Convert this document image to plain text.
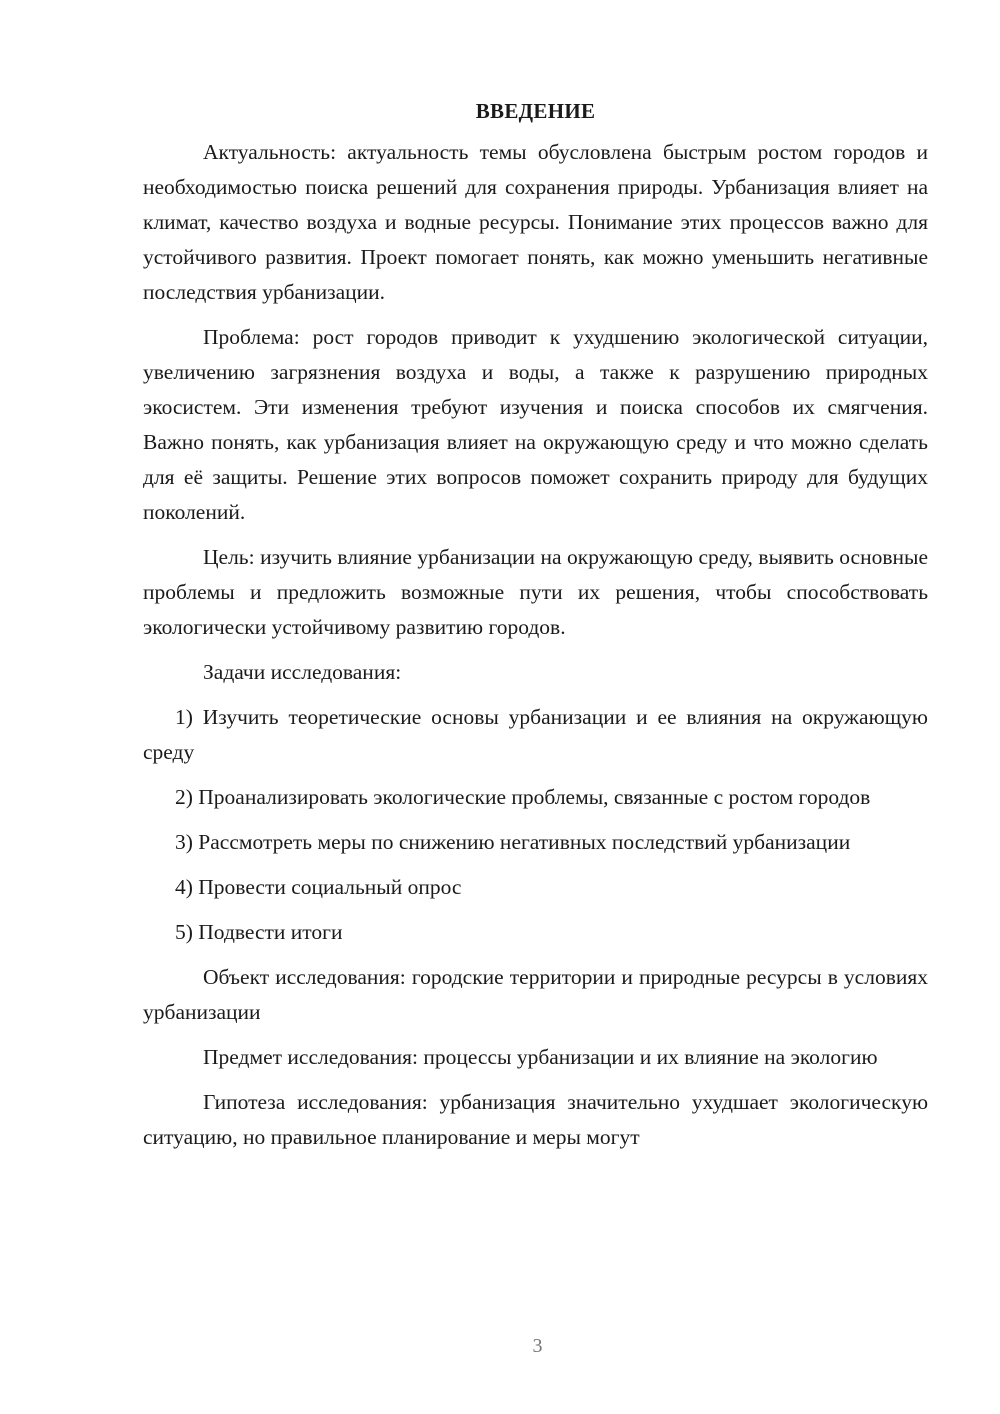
ВВЕДЕНИЕ

Актуальность: актуальность темы обусловлена быстрым ростом городов и необходимостью поиска решений для сохранения природы. Урбанизация влияет на климат, качество воздуха и водные ресурсы. Понимание этих процессов важно для устойчивого развития. Проект помогает понять, как можно уменьшить негативные последствия урбанизации.

Проблема: рост городов приводит к ухудшению экологической ситуации, увеличению загрязнения воздуха и воды, а также к разрушению природных экосистем. Эти изменения требуют изучения и поиска способов их смягчения. Важно понять, как урбанизация влияет на окружающую среду и что можно сделать для её защиты. Решение этих вопросов поможет сохранить природу для будущих поколений.

Цель: изучить влияние урбанизации на окружающую среду, выявить основные проблемы и предложить возможные пути их решения, чтобы способствовать экологически устойчивому развитию городов.

Задачи исследования:

1) Изучить теоретические основы урбанизации и ее влияния на окружающую среду

2) Проанализировать экологические проблемы, связанные с ростом городов

3) Рассмотреть меры по снижению негативных последствий урбанизации

4) Провести социальный опрос

5) Подвести итоги

Объект исследования: городские территории и природные ресурсы в условиях урбанизации

Предмет исследования: процессы урбанизации и их влияние на экологию

Гипотеза исследования: урбанизация значительно ухудшает экологическую ситуацию, но правильное планирование и меры могут

3
